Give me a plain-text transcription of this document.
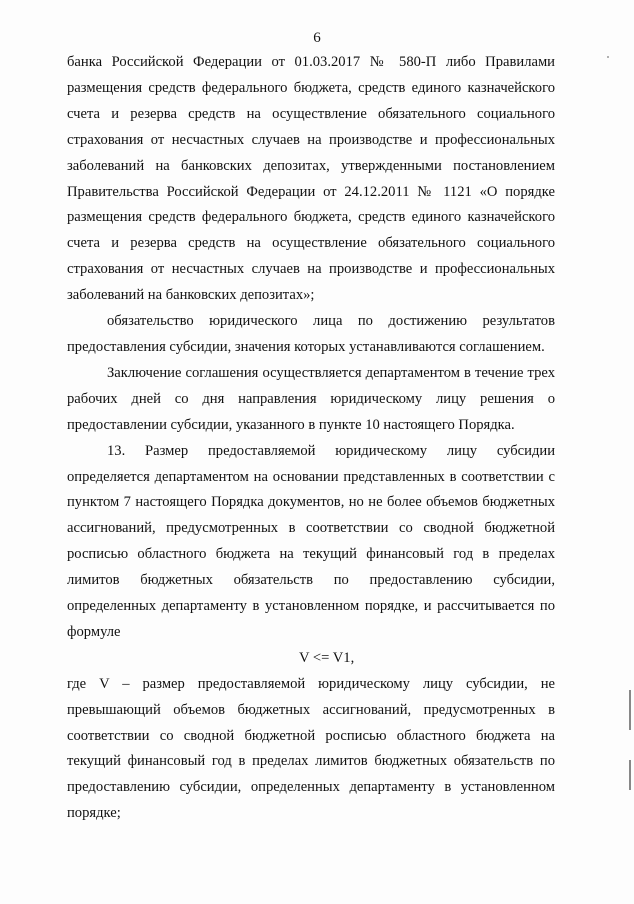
6

банка Российской Федерации от 01.03.2017 № 580-П либо Правилами размещения средств федерального бюджета, средств единого казначейского счета и резерва средств на осуществление обязательного социального страхования от несчастных случаев на производстве и профессиональных заболеваний на банковских депозитах, утвержденными постановлением Правительства Российской Федерации от 24.12.2011 № 1121 «О порядке размещения средств федерального бюджета, средств единого казначейского счета и резерва средств на осуществление обязательного социального страхования от несчастных случаев на производстве и профессиональных заболеваний на банковских депозитах»;

обязательство юридического лица по достижению результатов предоставления субсидии, значения которых устанавливаются соглашением.

Заключение соглашения осуществляется департаментом в течение трех рабочих дней со дня направления юридическому лицу решения о предоставлении субсидии, указанного в пункте 10 настоящего Порядка.

13. Размер предоставляемой юридическому лицу субсидии определяется департаментом на основании представленных в соответствии с пунктом 7 настоящего Порядка документов, но не более объемов бюджетных ассигнований, предусмотренных в соответствии со сводной бюджетной росписью областного бюджета на текущий финансовый год в пределах лимитов бюджетных обязательств по предоставлению субсидии, определенных департаменту в установленном порядке, и рассчитывается по формуле

V <= V1,

где V – размер предоставляемой юридическому лицу субсидии, не превышающий объемов бюджетных ассигнований, предусмотренных в соответствии со сводной бюджетной росписью областного бюджета на текущий финансовый год в пределах лимитов бюджетных обязательств по предоставлению субсидии, определенных департаменту в установленном порядке;
